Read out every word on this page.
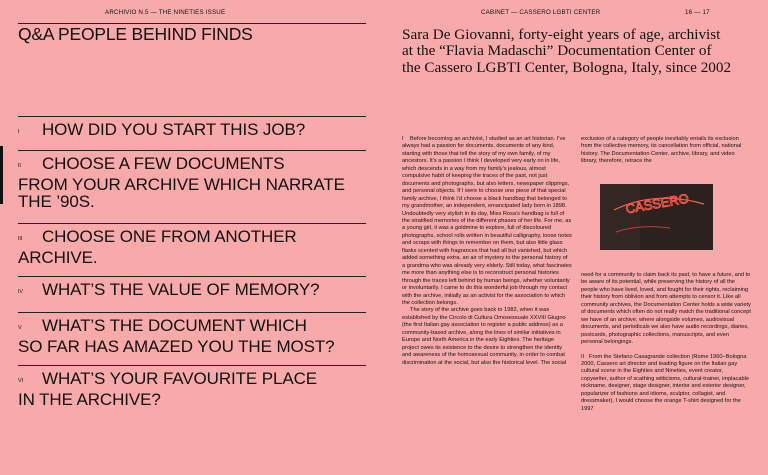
ARCHIVIO N.5 — THE NINETIES ISSUE	CABINET — CASSERO LGBTI CENTER	16 — 17
Q&A PEOPLE BEHIND FINDS
I HOW DID YOU START THIS JOB?
II CHOOSE A FEW DOCUMENTS
FROM YOUR ARCHIVE WHICH NARRATE
THE ’90S.
III CHOOSE ONE FROM ANOTHER
ARCHIVE.
IV WHAT’S THE VALUE OF MEMORY?
V WHAT’S THE DOCUMENT WHICH
SO FAR HAS AMAZED YOU THE MOST?
VI WHAT’S YOUR FAVOURITE PLACE
IN THE ARCHIVE?
Sara De Giovanni, forty-eight years of age, archivist at the “Flavia Madaschi” Documentation Center of the Cassero LGBTI Center, Bologna, Italy, since 2002

I Before becoming an archivist, I studied as an art historian. I’ve always had a passion for documents, documents of any kind, starting with those that tell the story of my own family, of my ancestors. It’s a passion I think I developed very early on in life, which descends in a way from my family’s jealous, almost compulsive habit of keeping the traces of the past, not just documents and photographs, but also letters, newspaper clippings, and personal objects. If I were to choose one piece of that special family archive, I think I’d choose a black handbag that belonged to my grandmother, an independent, emancipated lady born in 1898. Undoubtedly very stylish in its day, Miss Rosa’s handbag is full of the stratified memories of the different phases of her life. For me, as a young girl, it was a goldmine to explore, full of discoloured photographs, school rolls written in beautiful calligraphy, loose notes and scraps with things to remember on them, but also little glass flasks scented with fragrances that had all but vanished, but which added something extra, an air of mystery to the personal history of a grandma who was already very elderly. Still today, what fascinates me more than anything else is to reconstruct personal histories through the traces left behind by human beings, whether voluntarily or involuntarily. I came to do this wonderful job through my contact with the archive, initially as an activist for the association to which the collection belongs.

The story of the archive goes back to 1982, when it was established by the Circolo di Cultura Omosessuale XXVIII Giugno (the first Italian gay association to register a public address) as a community-based archive, along the lines of similar initiatives in Europe and North America in the early Eighties. The heritage project owes its existence to the desire to strengthen the identity and awareness of the homosexual community, in order to combat discrimination at the social, but also the historical level. The social

exclusion of a category of people inevitably entails its exclusion from the collective memory, its cancellation from official, national history. The Documentation Center, archive, library, and video library, therefore, retrace the

CASSERO

need for a community to claim back its past, to have a future, and to be aware of its potential, while preserving the history of all the people who have lived, loved, and fought for their rights, reclaiming their history from oblivion and from attempts to censor it. Like all community archives, the Documentation Center holds a wide variety of documents which often do not really match the traditional concept we have of an archive, where alongside volumes, audiovisual documents, and periodicals we also have audio recordings, diaries, postcards, photographic collections, manuscripts, and even personal belongings.

II From the Stefano Casagrande collection (Rome 1960–Bologna 2000, Cassero art director and leading figure on the Italian gay cultural scene in the Eighties and Nineties, event creator, copywriter, author of scathing witticisms, cultural-trainer, implacable nickname, designer, stage designer, interior and exterior designer, popularizer of fashions and idioms, sculptor, collagist, and dressmaker), I would choose the orange T-shirt designed for the 1997
